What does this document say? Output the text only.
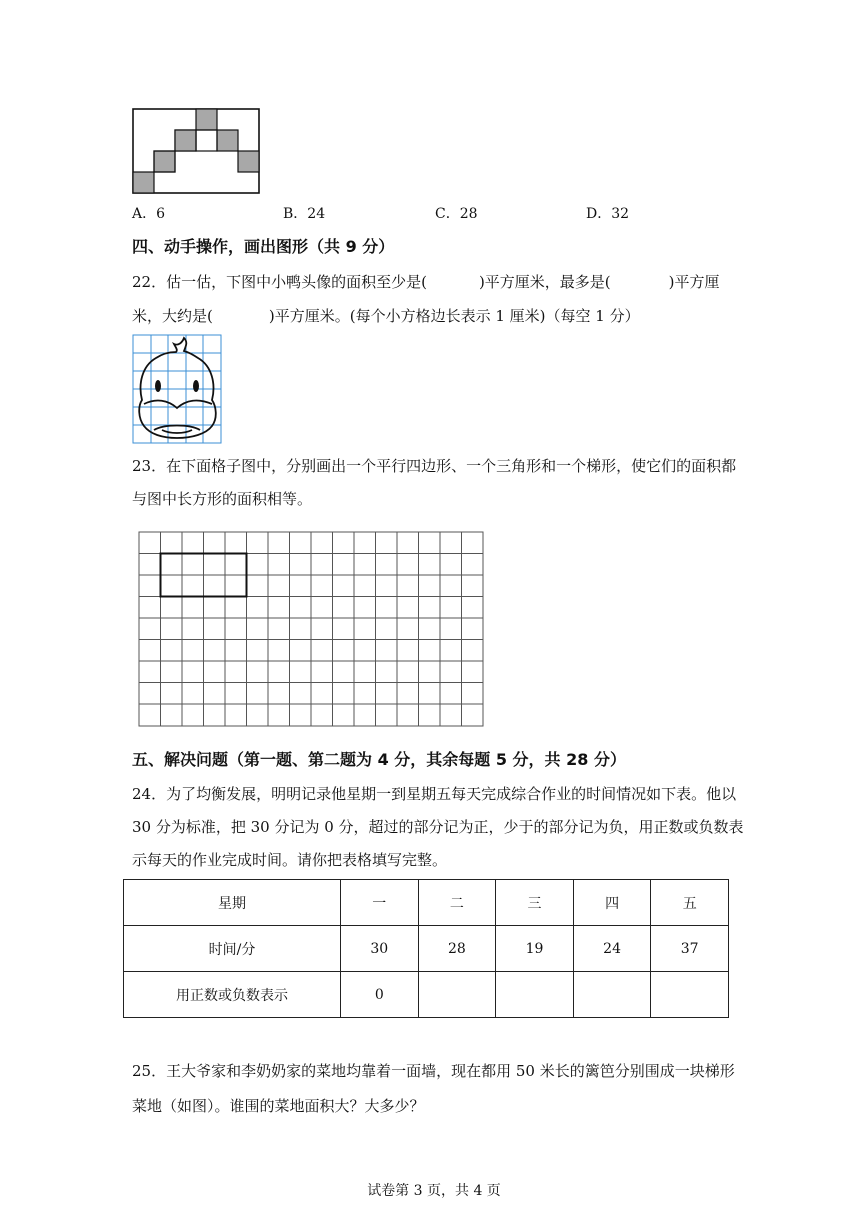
A．6	B．24	C．28	D．32
四、动手操作，画出图形（共 9 分）
22．估一估，下图中小鸭头像的面积至少是(	)平方厘米，最多是(	)平方厘
米，大约是(	)平方厘米。(每个小方格边长表示 1 厘米)（每空 1 分）
23．在下面格子图中，分别画出一个平行四边形、一个三角形和一个梯形，使它们的面积都
与图中长方形的面积相等。
五、解决问题（第一题、第二题为 4 分，其余每题 5 分，共 28 分）
24．为了均衡发展，明明记录他星期一到星期五每天完成综合作业的时间情况如下表。他以
30 分为标准，把 30 分记为 0 分，超过的部分记为正，少于的部分记为负，用正数或负数表
示每天的作业完成时间。请你把表格填写完整。
星期	一	二	三	四	五
时间/分	30	28	19	24	37
用正数或负数表示	0				
25．王大爷家和李奶奶家的菜地均靠着一面墙，现在都用 50 米长的篱笆分别围成一块梯形
菜地（如图）。谁围的菜地面积大？大多少？
试卷第 3 页，共 4 页
